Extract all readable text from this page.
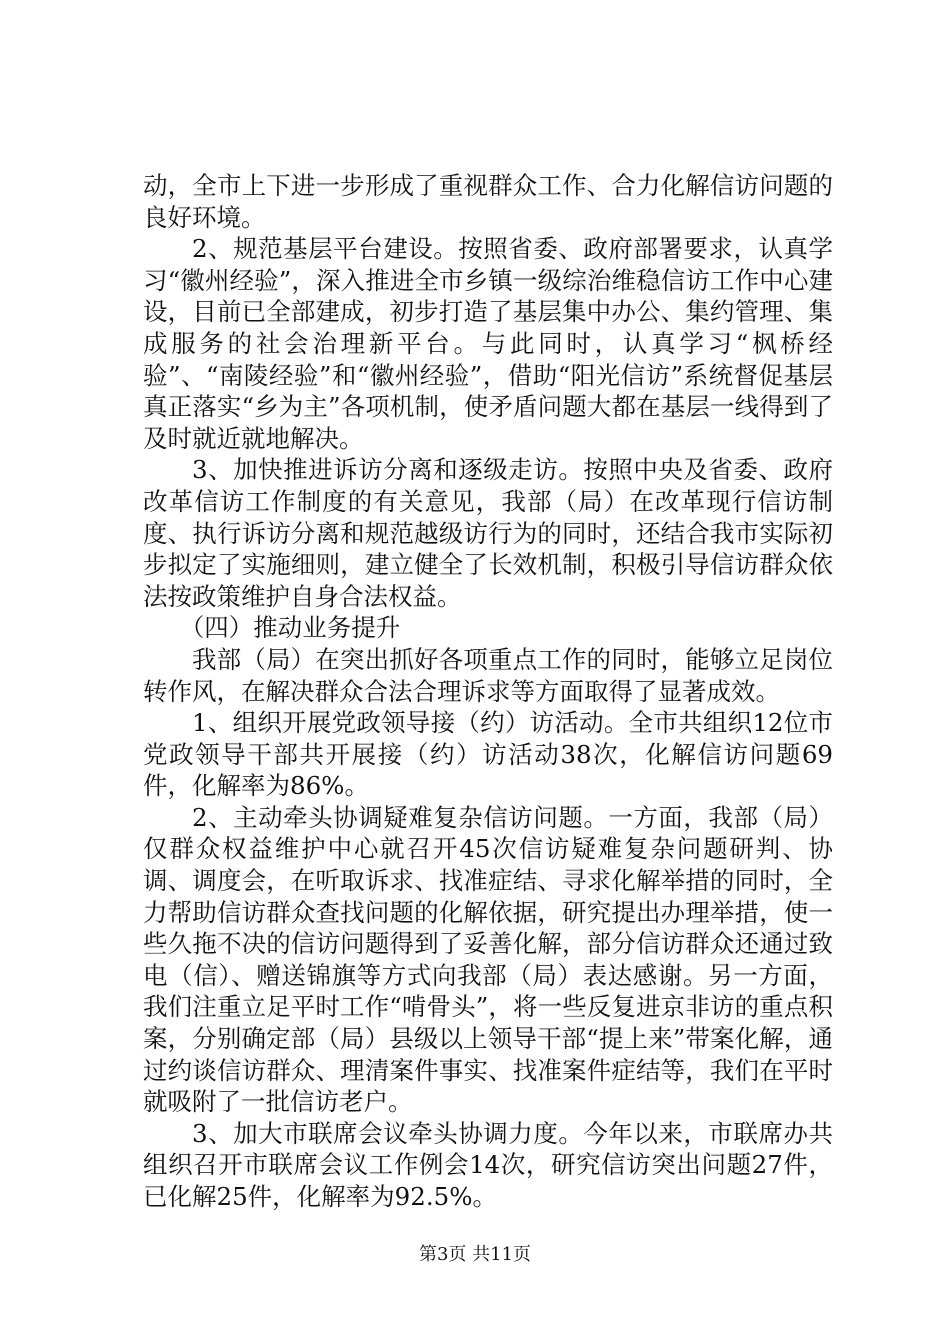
动，全市上下进一步形成了重视群众工作、合力化解信访问题的良好环境。

2、规范基层平台建设。按照省委、政府部署要求，认真学习“徽州经验”，深入推进全市乡镇一级综治维稳信访工作中心建设，目前已全部建成，初步打造了基层集中办公、集约管理、集成服务的社会治理新平台。与此同时，认真学习“枫桥经验”、“南陵经验”和“徽州经验”，借助“阳光信访”系统督促基层真正落实“乡为主”各项机制，使矛盾问题大都在基层一线得到了及时就近就地解决。

3、加快推进诉访分离和逐级走访。按照中央及省委、政府改革信访工作制度的有关意见，我部（局）在改革现行信访制度、执行诉访分离和规范越级访行为的同时，还结合我市实际初步拟定了实施细则，建立健全了长效机制，积极引导信访群众依法按政策维护自身合法权益。

（四）推动业务提升

我部（局）在突出抓好各项重点工作的同时，能够立足岗位转作风，在解决群众合法合理诉求等方面取得了显著成效。

1、组织开展党政领导接（约）访活动。全市共组织12位市党政领导干部共开展接（约）访活动38次，化解信访问题69件，化解率为86%。

2、主动牵头协调疑难复杂信访问题。一方面，我部（局）仅群众权益维护中心就召开45次信访疑难复杂问题研判、协调、调度会，在听取诉求、找准症结、寻求化解举措的同时，全力帮助信访群众查找问题的化解依据，研究提出办理举措，使一些久拖不决的信访问题得到了妥善化解，部分信访群众还通过致电（信）、赠送锦旗等方式向我部（局）表达感谢。另一方面，我们注重立足平时工作“啃骨头”，将一些反复进京非访的重点积案，分别确定部（局）县级以上领导干部“提上来”带案化解，通过约谈信访群众、理清案件事实、找准案件症结等，我们在平时就吸附了一批信访老户。

3、加大市联席会议牵头协调力度。今年以来，市联席办共组织召开市联席会议工作例会14次，研究信访突出问题27件，已化解25件，化解率为92.5%。

第3页 共11页
